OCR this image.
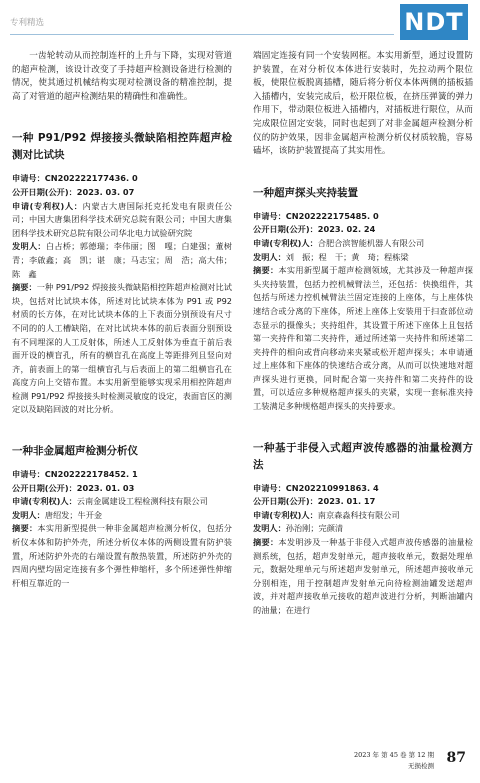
专利精选	NDT

一齿轮转动从而控制连杆的上升与下降，实现对管道的超声检测，该设计改变了手持超声检测设备进行检测的情况，使其通过机械结构实现对检测设备的精准控制，提高了对管道的超声检测结果的精确性和准确性。

一种 P91/P92 焊接接头微缺陷相控阵超声检测对比试块

申请号：CN202222177436. 0

公开日期(公开)：2023. 03. 07

申请(专利权)人：内蒙古大唐国际托克托发电有限责任公司；中国大唐集团科学技术研究总院有限公司；中国大唐集团科学技术研究总院有限公司华北电力试验研究院

发明人：白占桥；郭德瑞；李伟丽；图　嘎；白建强；董树青；李啟鑫；高　凯；谌　康；马志宝；周　浩；高大伟；陈　鑫

摘要：一种 P91/P92 焊接接头微缺陷相控阵超声检测对比试块，包括对比试块本体，所述对比试块本体为 P91 或 P92 材质的长方体，在对比试块本体的上下表面分别预设有尺寸不同的的人工槽缺陷，在对比试块本体的前后表面分别预设有不同埋深的人工反射体，所述人工反射体为垂直于前后表面开设的横盲孔，所有的横盲孔在高度上等距排列且竖向对齐，前表面上的第一组横盲孔与后表面上的第二组横盲孔在高度方向上交错布置。本实用新型能够实现采用相控阵超声检测 P91/P92 焊接接头时检测灵敏度的设定，表面盲区的测定以及缺陷回波的对比分析。

一种非金属超声检测分析仪

申请号：CN202222178452. 1

公开日期(公开)：2023. 01. 03

申请(专利权)人：云南金属建设工程检测科技有限公司

发明人：唐绍发；牛开金

摘要：本实用新型提供一种非金属超声检测分析仪，包括分析仪本体和防护外壳，所述分析仪本体的两侧设置有防护装置，所述防护外壳的右端设置有散热装置，所述防护外壳的四周内壁均固定连接有多个弹性伸缩杆，多个所述弹性伸缩杆相互靠近的一

端固定连接有同一个安装网框。本实用新型，通过设置防护装置，在对分析仪本体进行安装时，先拉动两个限位板，使限位板脱离插槽，随后将分析仪本体两侧的插板插入插槽内，安装完成后，松开限位板，在挤压弹簧的弹力作用下，带动限位板进入插槽内，对插板进行限位，从而完成限位固定安装，同时也起到了对非金属超声检测分析仪的防护效果，因非金属超声检测分析仪材质较脆，容易磕坏，该防护装置提高了其实用性。

一种超声探头夹持装置

申请号：CN202222175485. 0

公开日期(公开)：2023. 02. 24

申请(专利权)人：合肥合滨智能机器人有限公司

发明人：刘　振；程　干；黄　琦；程栋梁

摘要：本实用新型属于超声检测领域，尤其涉及一种超声探头夹持装置，包括力控机械臂法兰，还包括：快换组件，其包括与所述力控机械臂法兰固定连接的上座体，与上座体快速结合或分离的下座体，所述上座体上安装用于扫查部位动态显示的摄像头；夹持组件，其设置于所述下座体上且包括第一夹持件和第二夹持件，通过所述第一夹持件和所述第二夹持件的相向或背向移动来夹紧或松开超声探头；本申请通过上座体和下座体的快速结合或分离，从而可以快速地对超声探头进行更换，同时配合第一夹持件和第二夹持件的设置，可以适应多种规格超声探头的夹紧，实现一套标准夹持工装满足多种规格超声探头的夹持要求。

一种基于非侵入式超声波传感器的油量检测方法

申请号：CN202210991863. 4

公开日期(公开)：2023. 01. 17

申请(专利权)人：南京森淼科技有限公司

发明人：孙治刚；完颜清

摘要：本发明涉及一种基于非侵入式超声波传感器的油量检测系统，包括，超声发射单元，超声接收单元，数据处理单元，数据处理单元与所述超声发射单元，所述超声接收单元分别相连，用于控制超声发射单元向待检测油罐发送超声波，并对超声接收单元接收的超声波进行分析，判断油罐内的油量；在进行

2023 年 第 45 卷 第 12 期
无损检测 87
